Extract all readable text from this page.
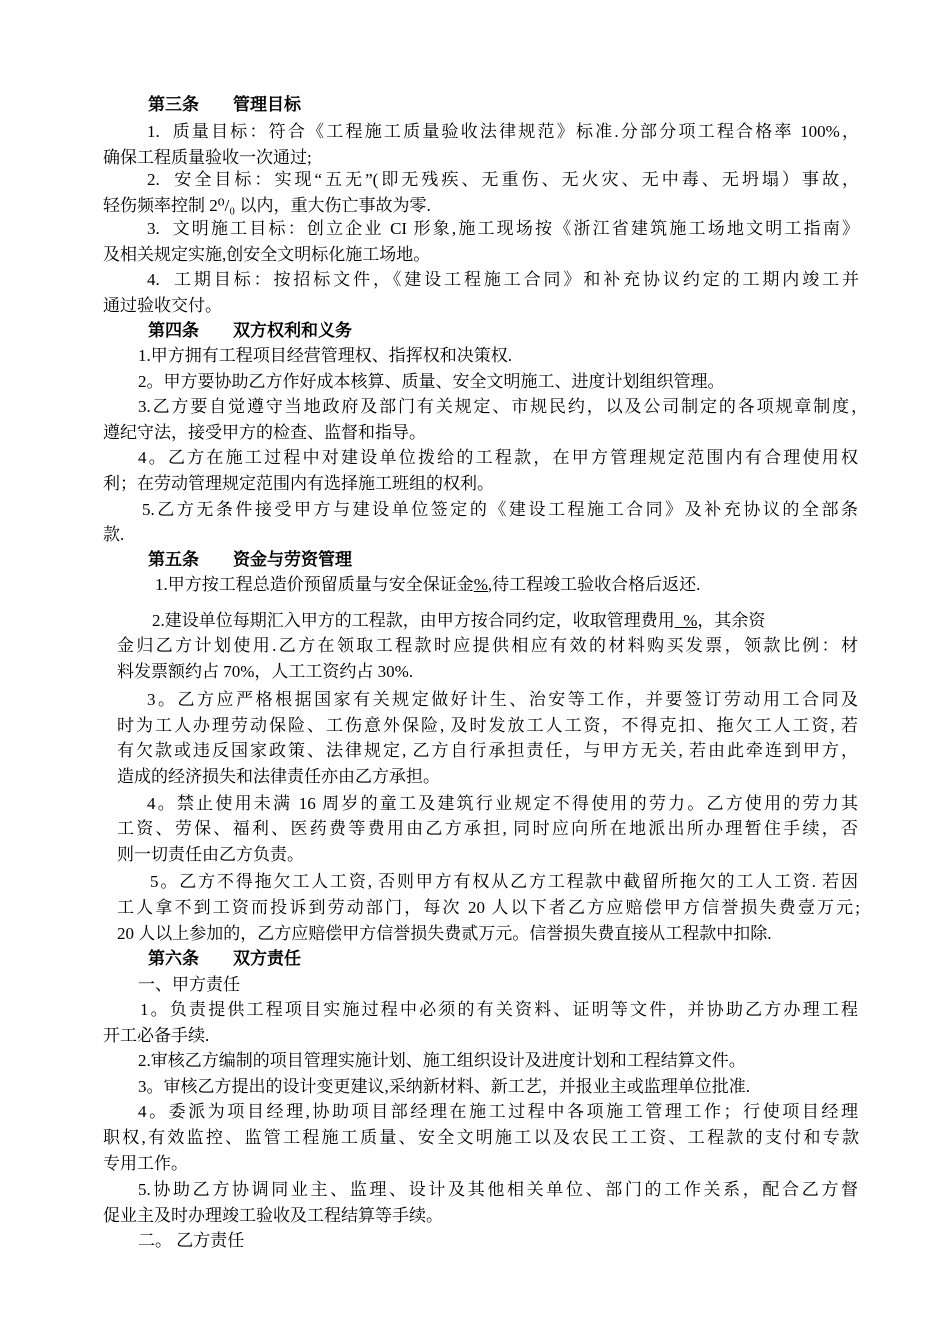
第三条　　管理目标
1.  质量目标：符合《工程施工质量验收法律规范》标准.分部分项工程合格率 100%，
确保工程质量验收一次通过;
2.  安全目标：实现“五无”(即无残疾、无重伤、无火灾、无中毒、无坍塌）事故，
轻伤频率控制 2⁰/₀ 以内，重大伤亡事故为零.
3.  文明施工目标：创立企业 CI 形象,施工现场按《浙江省建筑施工场地文明工指南》
及相关规定实施,创安全文明标化施工场地。
4.  工期目标：按招标文件，《建设工程施工合同》和补充协议约定的工期内竣工并
通过验收交付。
第四条　　双方权利和义务
1.甲方拥有工程项目经营管理权、指挥权和决策权.
2。甲方要协助乙方作好成本核算、质量、安全文明施工、进度计划组织管理。
3.乙方要自觉遵守当地政府及部门有关规定、市规民约，以及公司制定的各项规章制度，
遵纪守法，接受甲方的检查、监督和指导。
4。乙方在施工过程中对建设单位拨给的工程款，在甲方管理规定范围内有合理使用权
利；在劳动管理规定范围内有选择施工班组的权利。
5.乙方无条件接受甲方与建设单位签定的《建设工程施工合同》及补充协议的全部条
款.
第五条　　资金与劳资管理
1.甲方按工程总造价预留质量与安全保证金%,待工程竣工验收合格后返还.
2.建设单位每期汇入甲方的工程款，由甲方按合同约定，收取管理费用  %，其余资
金归乙方计划使用.乙方在领取工程款时应提供相应有效的材料购买发票，领款比例：材
料发票额约占 70%，人工工资约占 30%.
3。乙方应严格根据国家有关规定做好计生、治安等工作，并要签订劳动用工合同及
时为工人办理劳动保险、工伤意外保险, 及时发放工人工资，不得克扣、拖欠工人工资, 若
有欠款或违反国家政策、法律规定, 乙方自行承担责任，与甲方无关, 若由此牵连到甲方，
造成的经济损失和法律责任亦由乙方承担。
4。禁止使用未满 16 周岁的童工及建筑行业规定不得使用的劳力。乙方使用的劳力其
工资、劳保、福利、医药费等费用由乙方承担, 同时应向所在地派出所办理暂住手续，否
则一切责任由乙方负责。
5。乙方不得拖欠工人工资, 否则甲方有权从乙方工程款中截留所拖欠的工人工资. 若因
工人拿不到工资而投诉到劳动部门，每次 20 人以下者乙方应赔偿甲方信誉损失费壹万元;
20 人以上参加的，乙方应赔偿甲方信誉损失费贰万元。信誉损失费直接从工程款中扣除.
第六条　　双方责任
一、甲方责任
1。负责提供工程项目实施过程中必须的有关资料、证明等文件，并协助乙方办理工程
开工必备手续.
2.审核乙方编制的项目管理实施计划、施工组织设计及进度计划和工程结算文件。
3。审核乙方提出的设计变更建议,采纳新材料、新工艺，并报业主或监理单位批准.
4。委派为项目经理,协助项目部经理在施工过程中各项施工管理工作；行使项目经理
职权,有效监控、监管工程施工质量、安全文明施工以及农民工工资、工程款的支付和专款
专用工作。
5.协助乙方协调同业主、监理、设计及其他相关单位、部门的工作关系，配合乙方督
促业主及时办理竣工验收及工程结算等手续。
二。 乙方责任
